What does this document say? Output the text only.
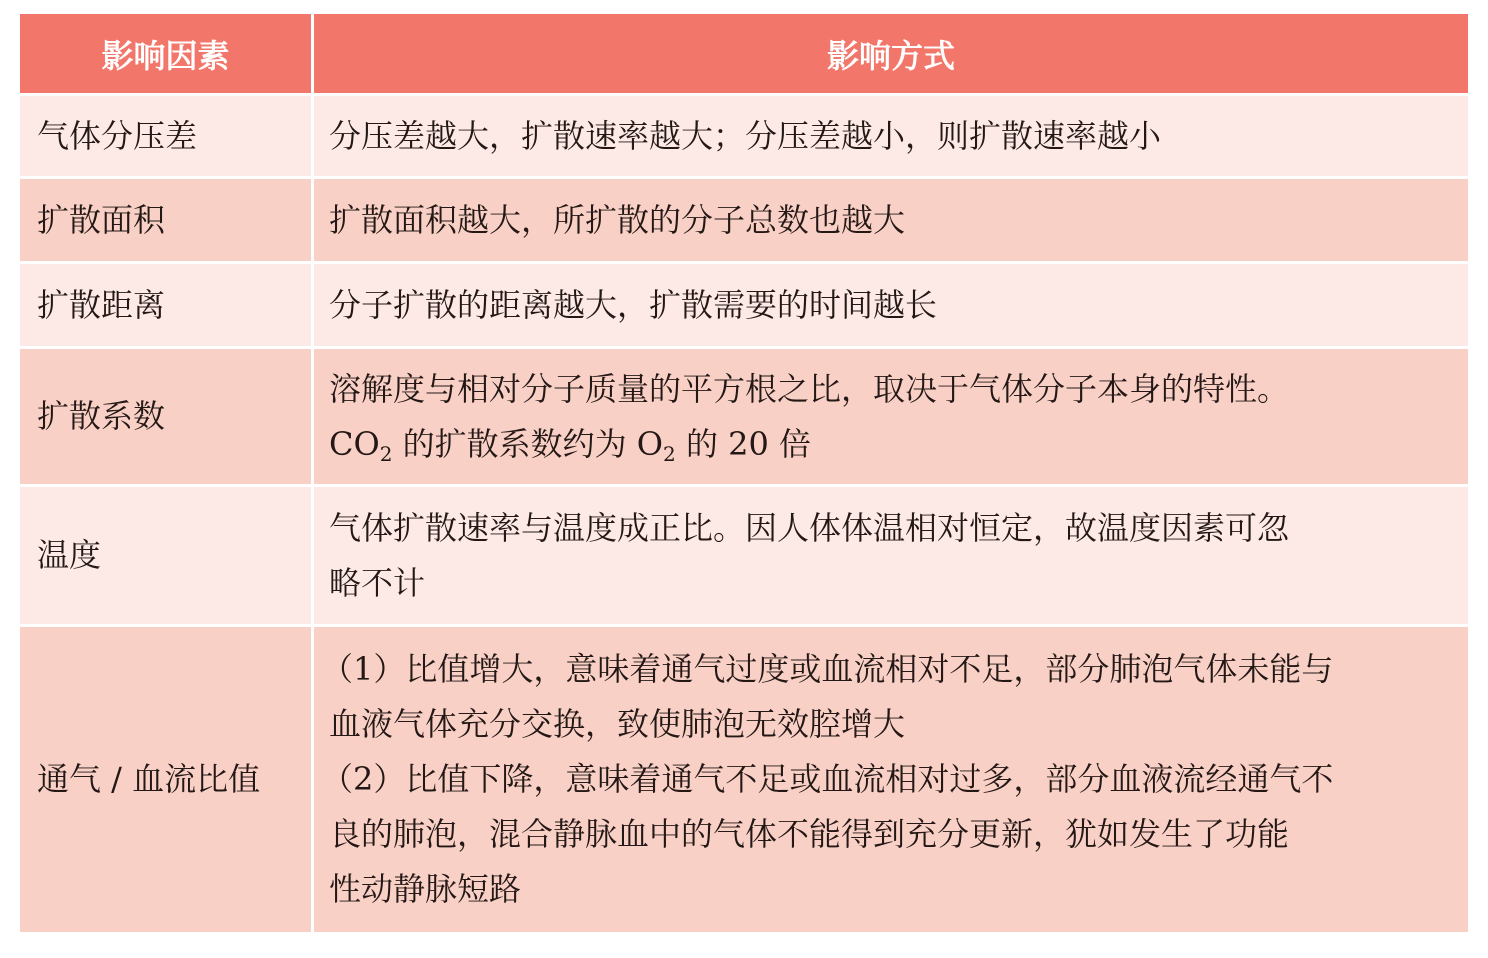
影响因素	影响方式
气体分压差	分压差越大，扩散速率越大；分压差越小，则扩散速率越小

扩散面积	扩散面积越大，所扩散的分子总数也越大

扩散距离	分子扩散的距离越大，扩散需要的时间越长

扩散系数	溶解度与相对分子质量的平方根之比，取决于气体分子本身的特性。
$CO_2$ 的扩散系数约为 $O_2$ 的 20 倍

温度	气体扩散速率与温度成正比。因人体体温相对恒定，故温度因素可忽
略不计

通气 / 血流比值	（1）比值增大，意味着通气过度或血流相对不足，部分肺泡气体未能与
血液气体充分交换，致使肺泡无效腔增大
（2）比值下降，意味着通气不足或血流相对过多，部分血液流经通气不
良的肺泡，混合静脉血中的气体不能得到充分更新，犹如发生了功能
性动静脉短路
